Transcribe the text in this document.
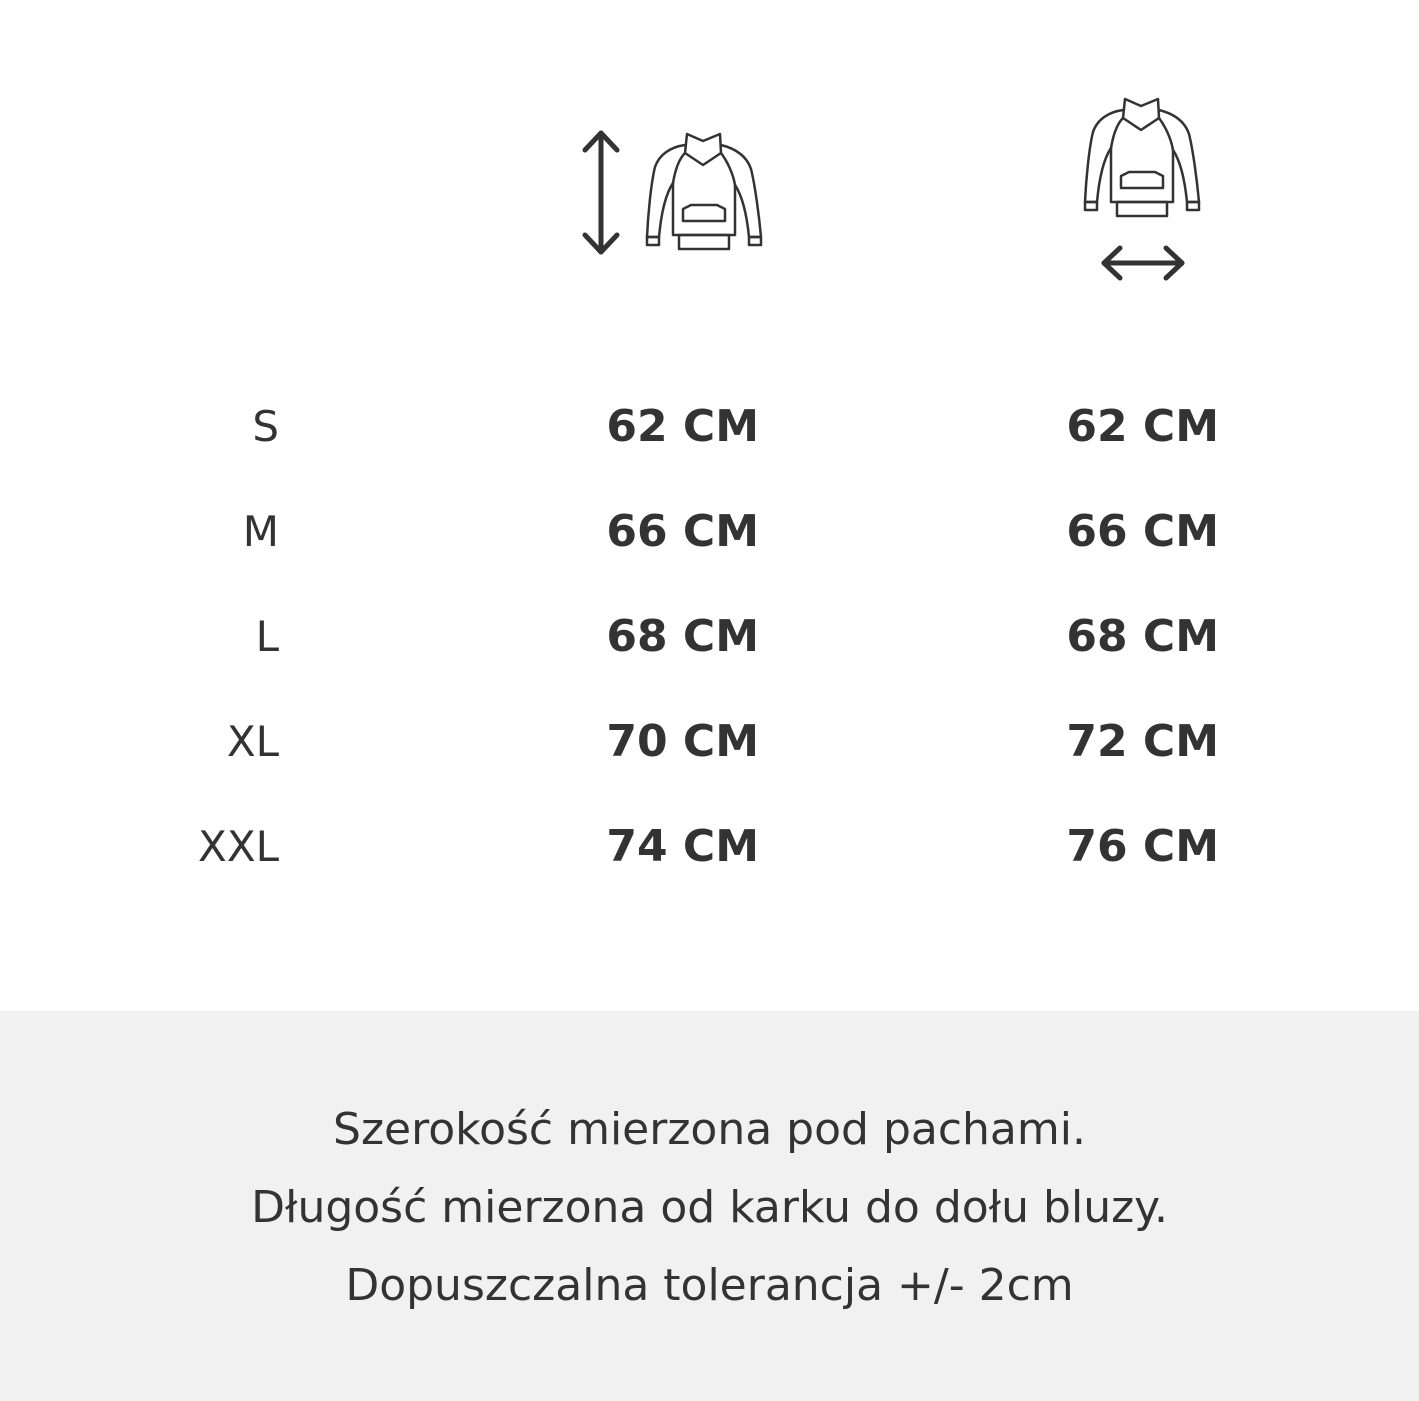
S	62 CM	62 CM
M	66 CM	66 CM
L	68 CM	68 CM
XL	70 CM	72 CM
XXL	74 CM	76 CM
Szerokość mierzona pod pachami.
Długość mierzona od karku do dołu bluzy.
Dopuszczalna tolerancja +/- 2cm
